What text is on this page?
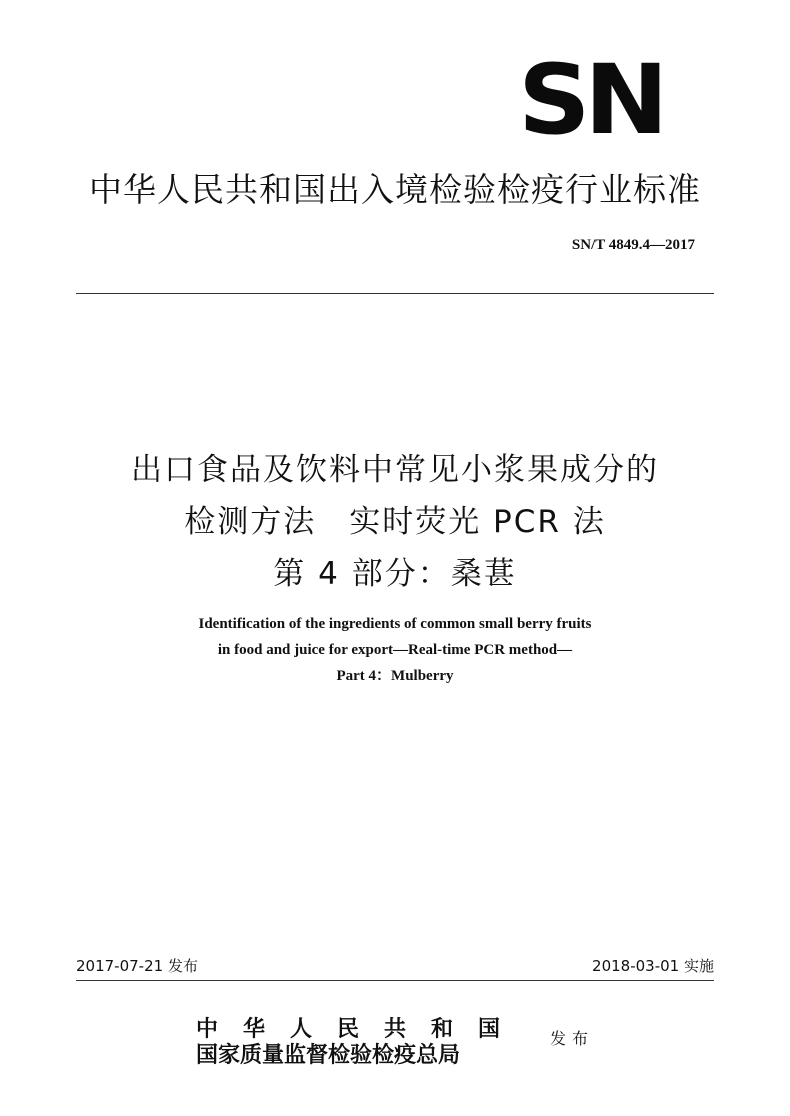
SN
中华人民共和国出入境检验检疫行业标准
SN/T 4849.4—2017
出口食品及饮料中常见小浆果成分的
检测方法　实时荧光 PCR 法
第 4 部分：桑葚
Identification of the ingredients of common small berry fruits
in food and juice for export—Real-time PCR method—
Part 4：Mulberry
2017-07-21 发布	2018-03-01 实施
中华人民共和国
国家质量监督检验检疫总局
发布
